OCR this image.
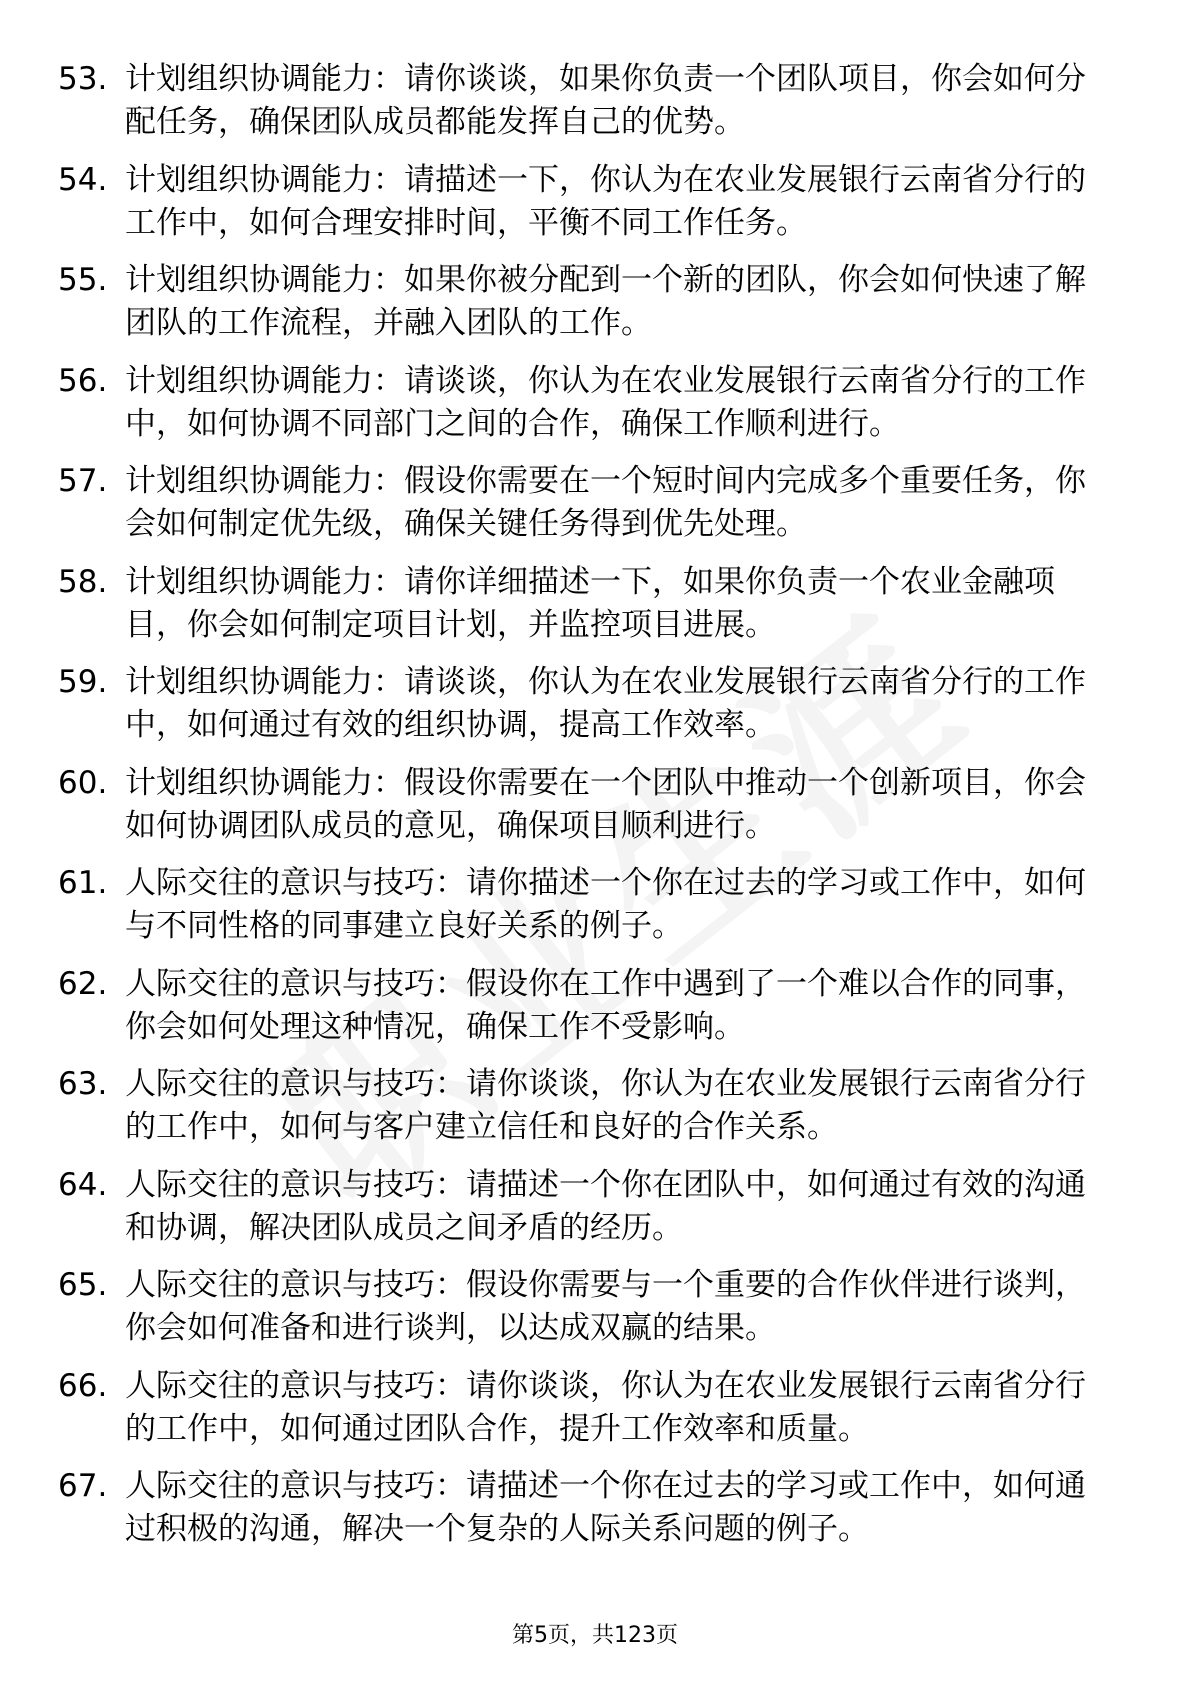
53. 计划组织协调能力：请你谈谈，如果你负责一个团队项目，你会如何分配任务，确保团队成员都能发挥自己的优势。
54. 计划组织协调能力：请描述一下，你认为在农业发展银行云南省分行的工作中，如何合理安排时间，平衡不同工作任务。
55. 计划组织协调能力：如果你被分配到一个新的团队，你会如何快速了解团队的工作流程，并融入团队的工作。
56. 计划组织协调能力：请谈谈，你认为在农业发展银行云南省分行的工作中，如何协调不同部门之间的合作，确保工作顺利进行。
57. 计划组织协调能力：假设你需要在一个短时间内完成多个重要任务，你会如何制定优先级，确保关键任务得到优先处理。
58. 计划组织协调能力：请你详细描述一下，如果你负责一个农业金融项目，你会如何制定项目计划，并监控项目进展。
59. 计划组织协调能力：请谈谈，你认为在农业发展银行云南省分行的工作中，如何通过有效的组织协调，提高工作效率。
60. 计划组织协调能力：假设你需要在一个团队中推动一个创新项目，你会如何协调团队成员的意见，确保项目顺利进行。
61. 人际交往的意识与技巧：请你描述一个你在过去的学习或工作中，如何与不同性格的同事建立良好关系的例子。
62. 人际交往的意识与技巧：假设你在工作中遇到了一个难以合作的同事，你会如何处理这种情况，确保工作不受影响。
63. 人际交往的意识与技巧：请你谈谈，你认为在农业发展银行云南省分行的工作中，如何与客户建立信任和良好的合作关系。
64. 人际交往的意识与技巧：请描述一个你在团队中，如何通过有效的沟通和协调，解决团队成员之间矛盾的经历。
65. 人际交往的意识与技巧：假设你需要与一个重要的合作伙伴进行谈判，你会如何准备和进行谈判，以达成双赢的结果。
66. 人际交往的意识与技巧：请你谈谈，你认为在农业发展银行云南省分行的工作中，如何通过团队合作，提升工作效率和质量。
67. 人际交往的意识与技巧：请描述一个你在过去的学习或工作中，如何通过积极的沟通，解决一个复杂的人际关系问题的例子。
第5页，共123页
